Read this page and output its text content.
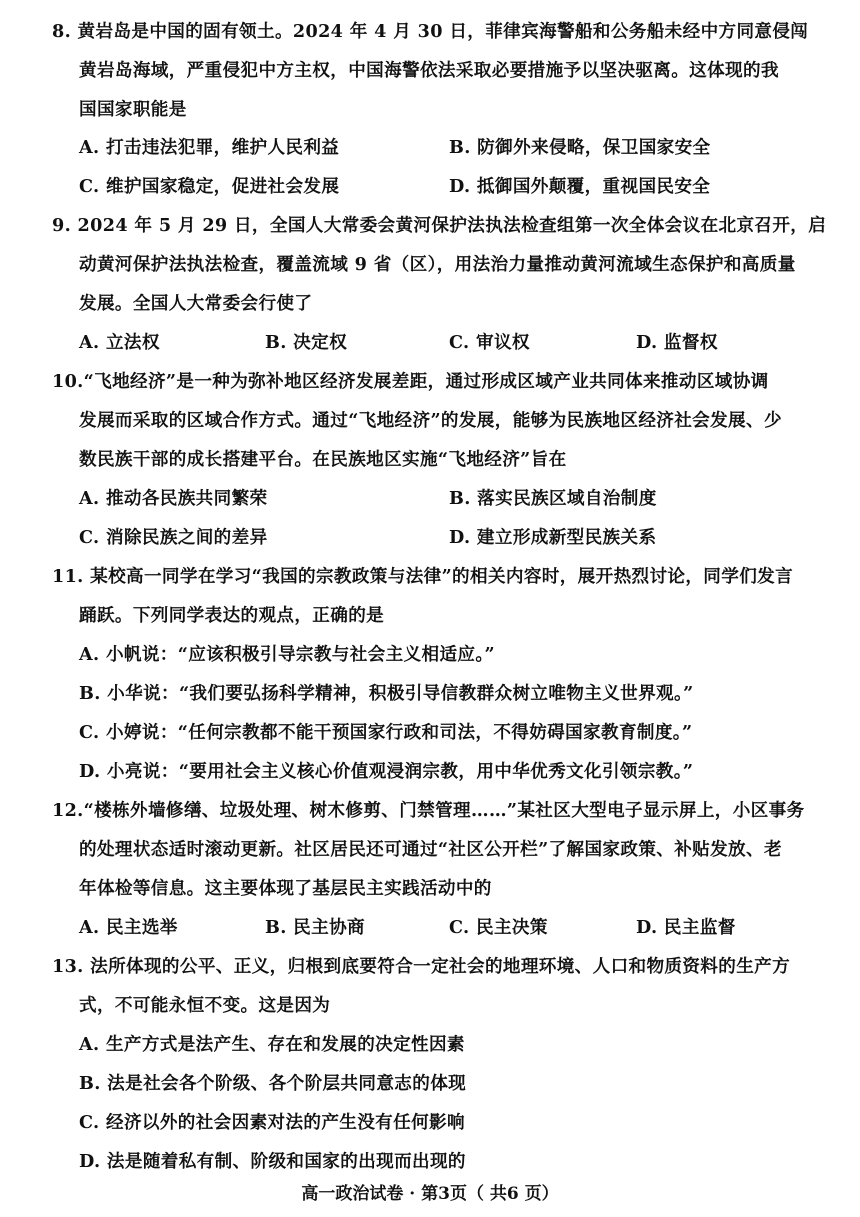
8. 黄岩岛是中国的固有领土。2024 年 4 月 30 日，菲律宾海警船和公务船未经中方同意侵闯
黄岩岛海域，严重侵犯中方主权，中国海警依法采取必要措施予以坚决驱离。这体现的我
国国家职能是
A. 打击违法犯罪，维护人民利益	B. 防御外来侵略，保卫国家安全
C. 维护国家稳定，促进社会发展	D. 抵御国外颠覆，重视国民安全
9. 2024 年 5 月 29 日，全国人大常委会黄河保护法执法检查组第一次全体会议在北京召开，启
动黄河保护法执法检查，覆盖流域 9 省（区），用法治力量推动黄河流域生态保护和高质量
发展。全国人大常委会行使了
A. 立法权	B. 决定权	C. 审议权	D. 监督权
10.“飞地经济”是一种为弥补地区经济发展差距，通过形成区域产业共同体来推动区域协调
发展而采取的区域合作方式。通过“飞地经济”的发展，能够为民族地区经济社会发展、少
数民族干部的成长搭建平台。在民族地区实施“飞地经济”旨在
A. 推动各民族共同繁荣	B. 落实民族区域自治制度
C. 消除民族之间的差异	D. 建立形成新型民族关系
11. 某校高一同学在学习“我国的宗教政策与法律”的相关内容时，展开热烈讨论，同学们发言
踊跃。下列同学表达的观点，正确的是
A. 小帆说：“应该积极引导宗教与社会主义相适应。”
B. 小华说：“我们要弘扬科学精神，积极引导信教群众树立唯物主义世界观。”
C. 小婷说：“任何宗教都不能干预国家行政和司法，不得妨碍国家教育制度。”
D. 小亮说：“要用社会主义核心价值观浸润宗教，用中华优秀文化引领宗教。”
12.“楼栋外墙修缮、垃圾处理、树木修剪、门禁管理……”某社区大型电子显示屏上，小区事务
的处理状态适时滚动更新。社区居民还可通过“社区公开栏”了解国家政策、补贴发放、老
年体检等信息。这主要体现了基层民主实践活动中的
A. 民主选举	B. 民主协商	C. 民主决策	D. 民主监督
13. 法所体现的公平、正义，归根到底要符合一定社会的地理环境、人口和物质资料的生产方
式，不可能永恒不变。这是因为
A. 生产方式是法产生、存在和发展的决定性因素
B. 法是社会各个阶级、各个阶层共同意志的体现
C. 经济以外的社会因素对法的产生没有任何影响
D. 法是随着私有制、阶级和国家的出现而出现的
高一政治试卷 · 第3页（ 共6 页）
